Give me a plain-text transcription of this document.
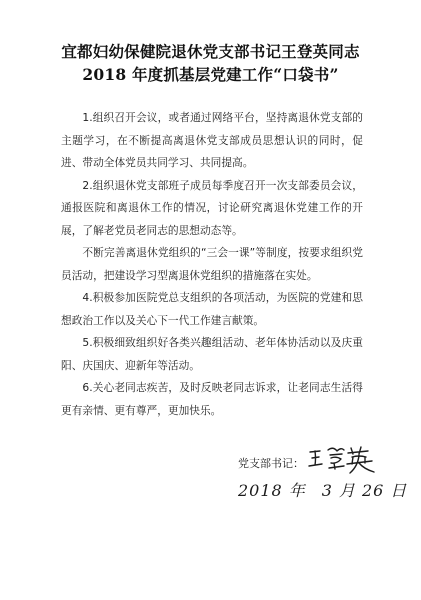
宜都妇幼保健院退休党支部书记王登英同志
2018 年度抓基层党建工作“口袋书”

1.组织召开会议，或者通过网络平台，坚持离退休党支部的主题学习，在不断提高离退休党支部成员思想认识的同时，促进、带动全体党员共同学习、共同提高。

2.组织退休党支部班子成员每季度召开一次支部委员会议，通报医院和离退休工作的情况，讨论研究离退休党建工作的开展，了解老党员老同志的思想动态等。

不断完善离退休党组织的“三会一课”等制度，按要求组织党员活动，把建设学习型离退休党组织的措施落在实处。

4.积极参加医院党总支组织的各项活动，为医院的党建和思想政治工作以及关心下一代工作建言献策。

5.积极细致组织好各类兴趣组活动、老年体协活动以及庆重阳、庆国庆、迎新年等活动。

6.关心老同志疾苦，及时反映老同志诉求，让老同志生活得更有亲情、更有尊严，更加快乐。

党支部书记：
2018 年 3 月 26 日
